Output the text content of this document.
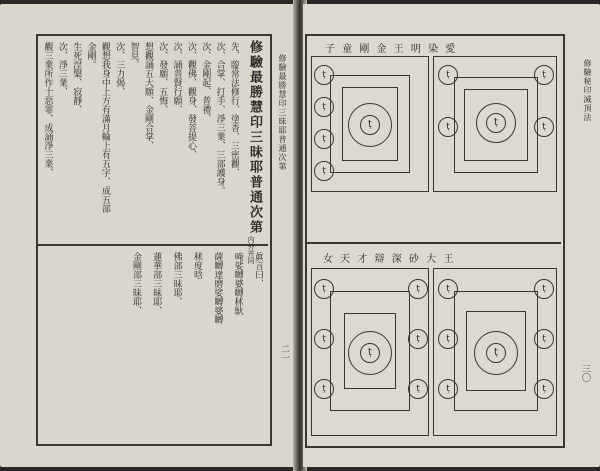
修驗最勝慧印三昧耶普通次第
修驗最勝慧印三昧耶普通次第
内外并同
先、臨常法修行、塗香、三密觀、
次、合掌、打手、淨三業、三部護身。
次、金剛起、普禮、
次、觀佛、觀身、發菩提心、
次、誦普賢行願、
次、發願、五悔、
想觀誦五大願、金剛合掌、
智見、
次、三力偈、
觀想我身中上方有滿月輪上有五字、成五部
金剛。
生死涅槃、寂靜、
次、淨三業、
觀三業所作十惡罪、成誦淨三業、
眞言曰、
唵娑嚩婆嚩秫馱
薩嚩達磨娑嚩婆嚩
秫度唅
佛部三昧耶、
蓮華部三昧耶、
金剛部三昧耶、
二一
修驗秘印滅頂法
子 童 剛 金 王 明 染 愛
女 天 才 辯 深 砂 大 王
ṭ
ṭ
ṭ
ṭ
ṭ
ṭ
ṭ
ṭ
ṭ
ṭ
ṭ
ṭ
ṭ
ṭ
ṭ
ṭ
ṭ
ṭ
ṭ
ṭ
ṭ
ṭ
ṭ
ṭ
三〇
